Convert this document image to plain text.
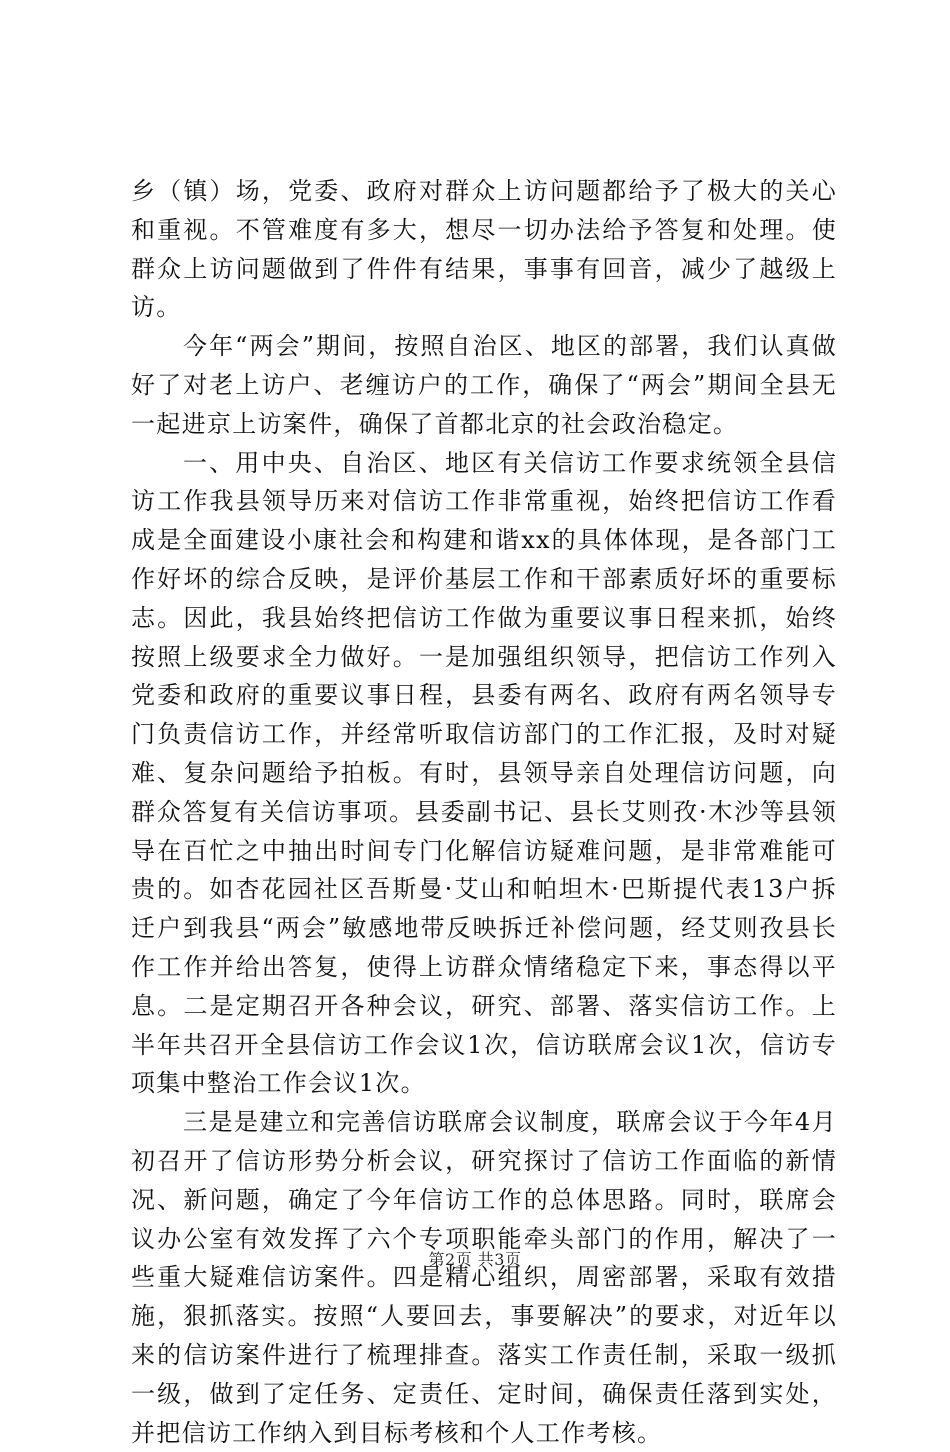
乡（镇）场，党委、政府对群众上访问题都给予了极大的关心和重视。不管难度有多大，想尽一切办法给予答复和处理。使群众上访问题做到了件件有结果，事事有回音，减少了越级上访。

今年“两会”期间，按照自治区、地区的部署，我们认真做好了对老上访户、老缠访户的工作，确保了“两会”期间全县无一起进京上访案件，确保了首都北京的社会政治稳定。

一、用中央、自治区、地区有关信访工作要求统领全县信访工作我县领导历来对信访工作非常重视，始终把信访工作看成是全面建设小康社会和构建和谐xx的具体体现，是各部门工作好坏的综合反映，是评价基层工作和干部素质好坏的重要标志。因此，我县始终把信访工作做为重要议事日程来抓，始终按照上级要求全力做好。一是加强组织领导，把信访工作列入党委和政府的重要议事日程，县委有两名、政府有两名领导专门负责信访工作，并经常听取信访部门的工作汇报，及时对疑难、复杂问题给予拍板。有时，县领导亲自处理信访问题，向群众答复有关信访事项。县委副书记、县长艾则孜·木沙等县领导在百忙之中抽出时间专门化解信访疑难问题，是非常难能可贵的。如杏花园社区吾斯曼·艾山和帕坦木·巴斯提代表13户拆迁户到我县“两会”敏感地带反映拆迁补偿问题，经艾则孜县长作工作并给出答复，使得上访群众情绪稳定下来，事态得以平息。二是定期召开各种会议，研究、部署、落实信访工作。上半年共召开全县信访工作会议1次，信访联席会议1次，信访专项集中整治工作会议1次。

三是是建立和完善信访联席会议制度，联席会议于今年4月初召开了信访形势分析会议，研究探讨了信访工作面临的新情况、新问题，确定了今年信访工作的总体思路。同时，联席会议办公室有效发挥了六个专项职能牵头部门的作用，解决了一些重大疑难信访案件。四是精心组织，周密部署，采取有效措施，狠抓落实。按照“人要回去，事要解决”的要求，对近年以来的信访案件进行了梳理排查。落实工作责任制，采取一级抓一级，做到了定任务、定责任、定时间，确保责任落到实处，并把信访工作纳入到目标考核和个人工作考核。

第2页 共3页
